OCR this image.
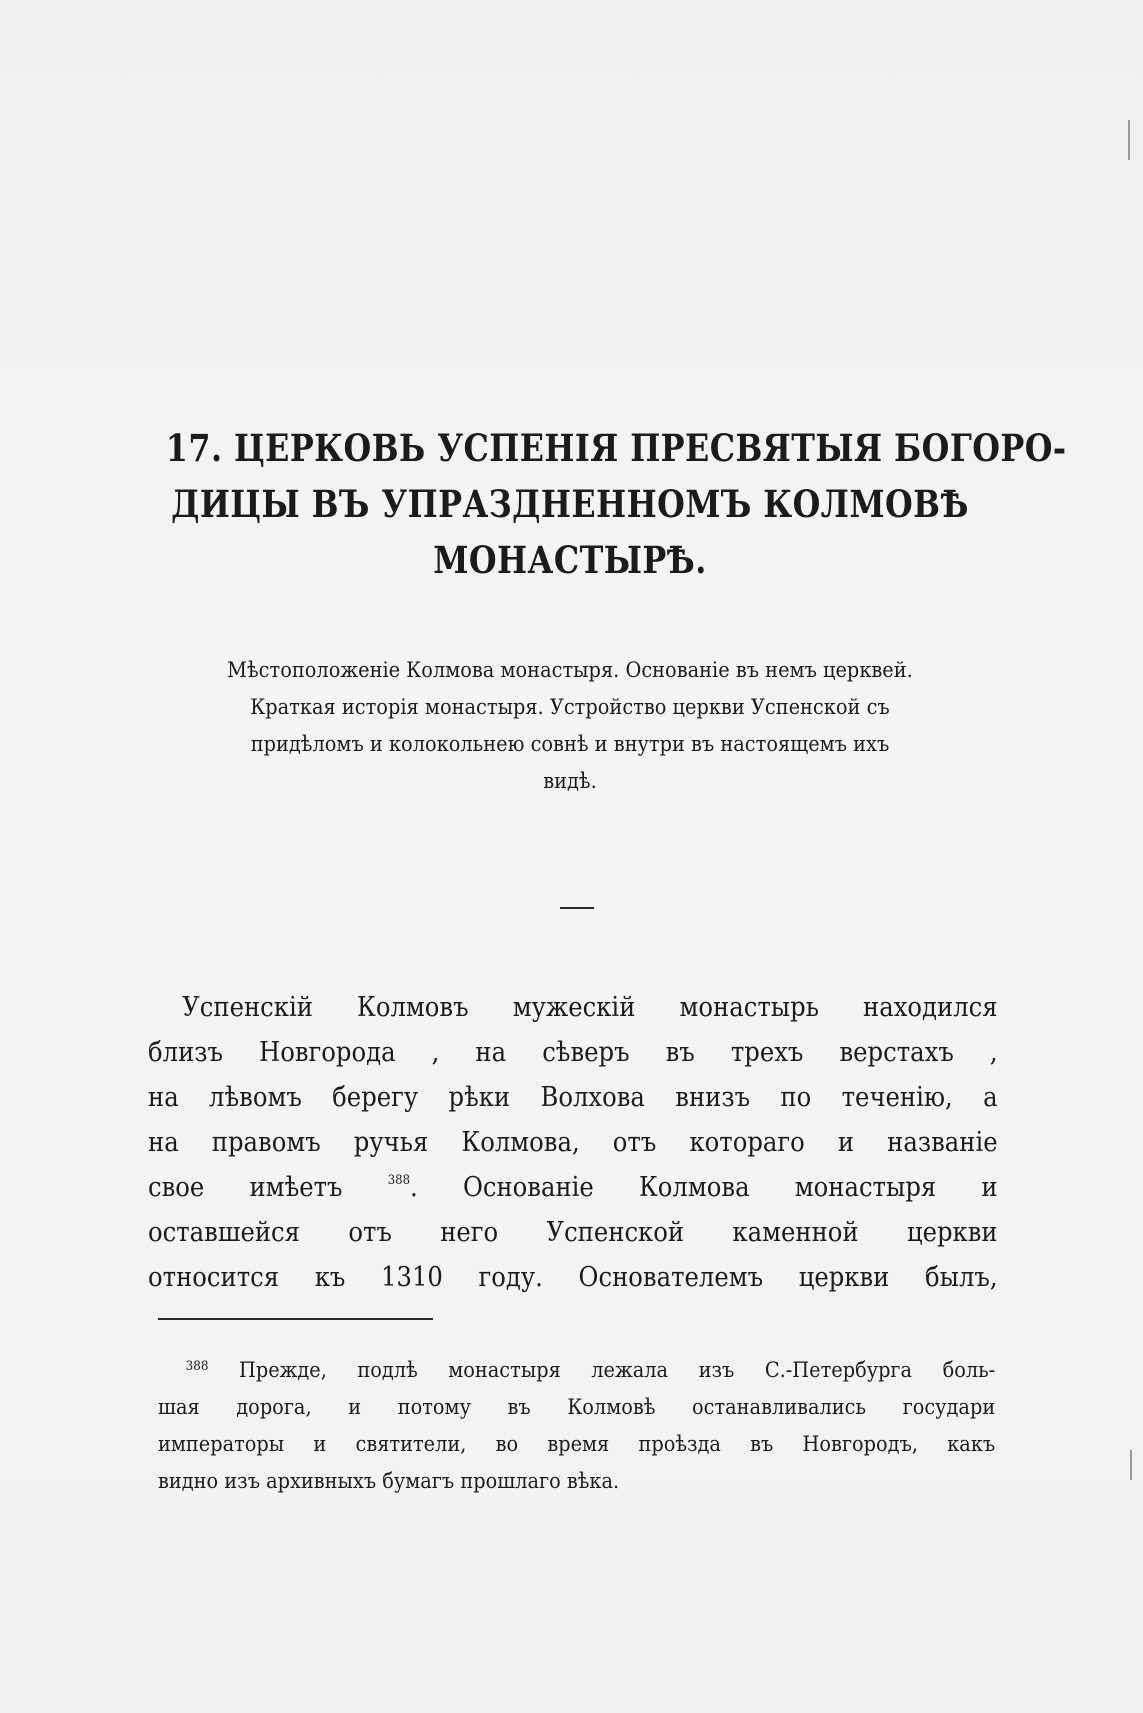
17. ЦЕРКОВЬ УСПЕНІЯ ПРЕСВЯТЫЯ БОГОРО-
ДИЦЫ ВЪ УПРАЗДНЕННОМЪ КОЛМОВѢ
МОНАСТЫРѢ.
Мѣстоположеніе Колмова монастыря. Основаніе въ немъ церквей.
Краткая исторія монастыря. Устройство церкви Успенской съ
придѣломъ и колокольнею совнѣ и внутри въ настоящемъ ихъ
видѣ.
Успенскій Колмовъ мужескій монастырь находился
близъ Новгорода , на сѣверъ въ трехъ верстахъ ,
на лѣвомъ берегу рѣки Волхова внизъ по теченію, а
на правомъ ручья Колмова, отъ котораго и названіе
свое имѣетъ	$^{388}$. Основаніе Колмова монастыря и
оставшейся отъ него Успенской каменной церкви
относится къ 1310 году. Основателемъ церкви былъ,
$^{388}$ Прежде, подлѣ монастыря лежала изъ С.-Петербурга боль-
шая дорога, и потому въ Колмовѣ останавливались государи
императоры и святители, во время проѣзда въ Новгородъ, какъ
видно изъ архивныхъ бумагъ прошлаго вѣка.
